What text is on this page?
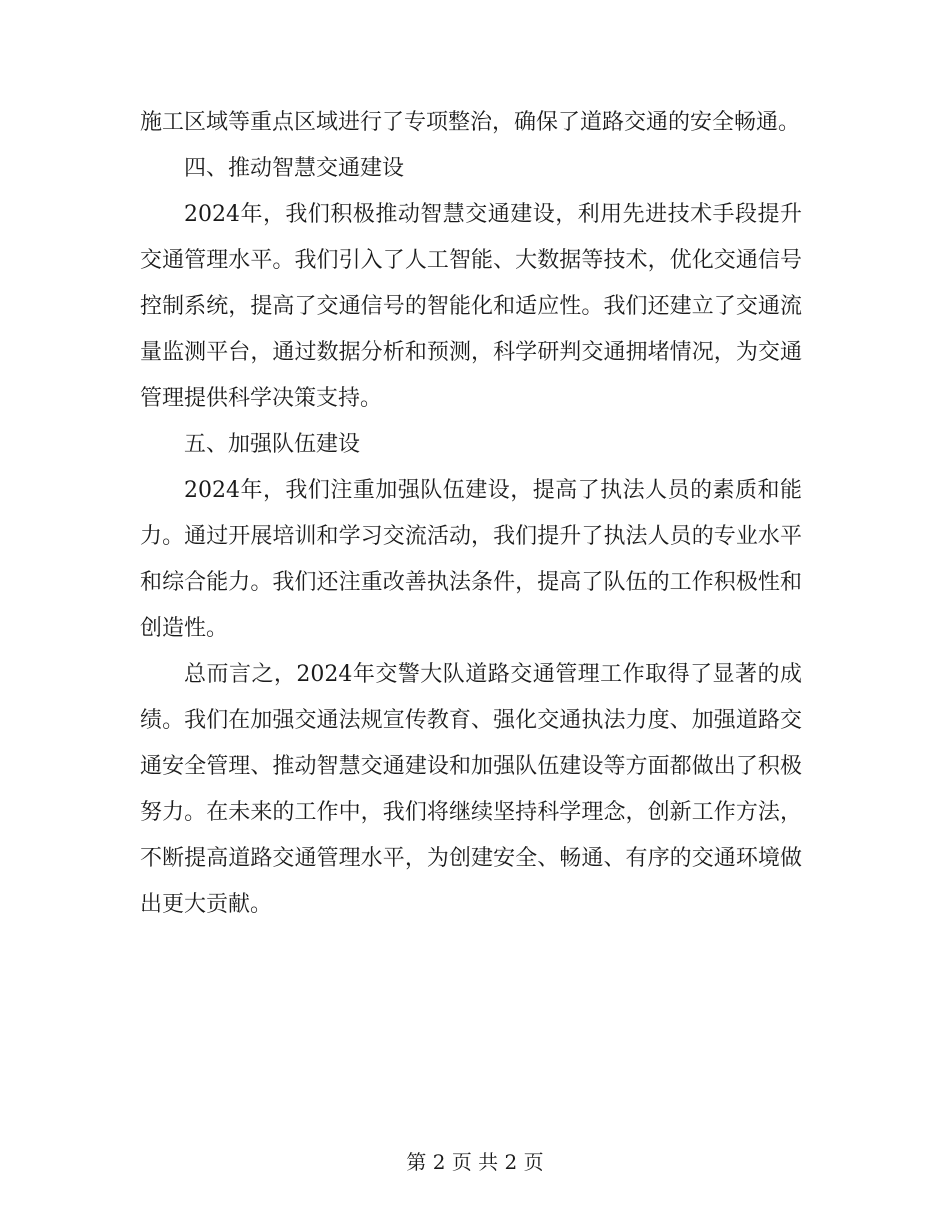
施工区域等重点区域进行了专项整治，确保了道路交通的安全畅通。

四、推动智慧交通建设

2024年，我们积极推动智慧交通建设，利用先进技术手段提升交通管理水平。我们引入了人工智能、大数据等技术，优化交通信号控制系统，提高了交通信号的智能化和适应性。我们还建立了交通流量监测平台，通过数据分析和预测，科学研判交通拥堵情况，为交通管理提供科学决策支持。

五、加强队伍建设

2024年，我们注重加强队伍建设，提高了执法人员的素质和能力。通过开展培训和学习交流活动，我们提升了执法人员的专业水平和综合能力。我们还注重改善执法条件，提高了队伍的工作积极性和创造性。

总而言之，2024年交警大队道路交通管理工作取得了显著的成绩。我们在加强交通法规宣传教育、强化交通执法力度、加强道路交通安全管理、推动智慧交通建设和加强队伍建设等方面都做出了积极努力。在未来的工作中，我们将继续坚持科学理念，创新工作方法，不断提高道路交通管理水平，为创建安全、畅通、有序的交通环境做出更大贡献。

第 2 页 共 2 页
